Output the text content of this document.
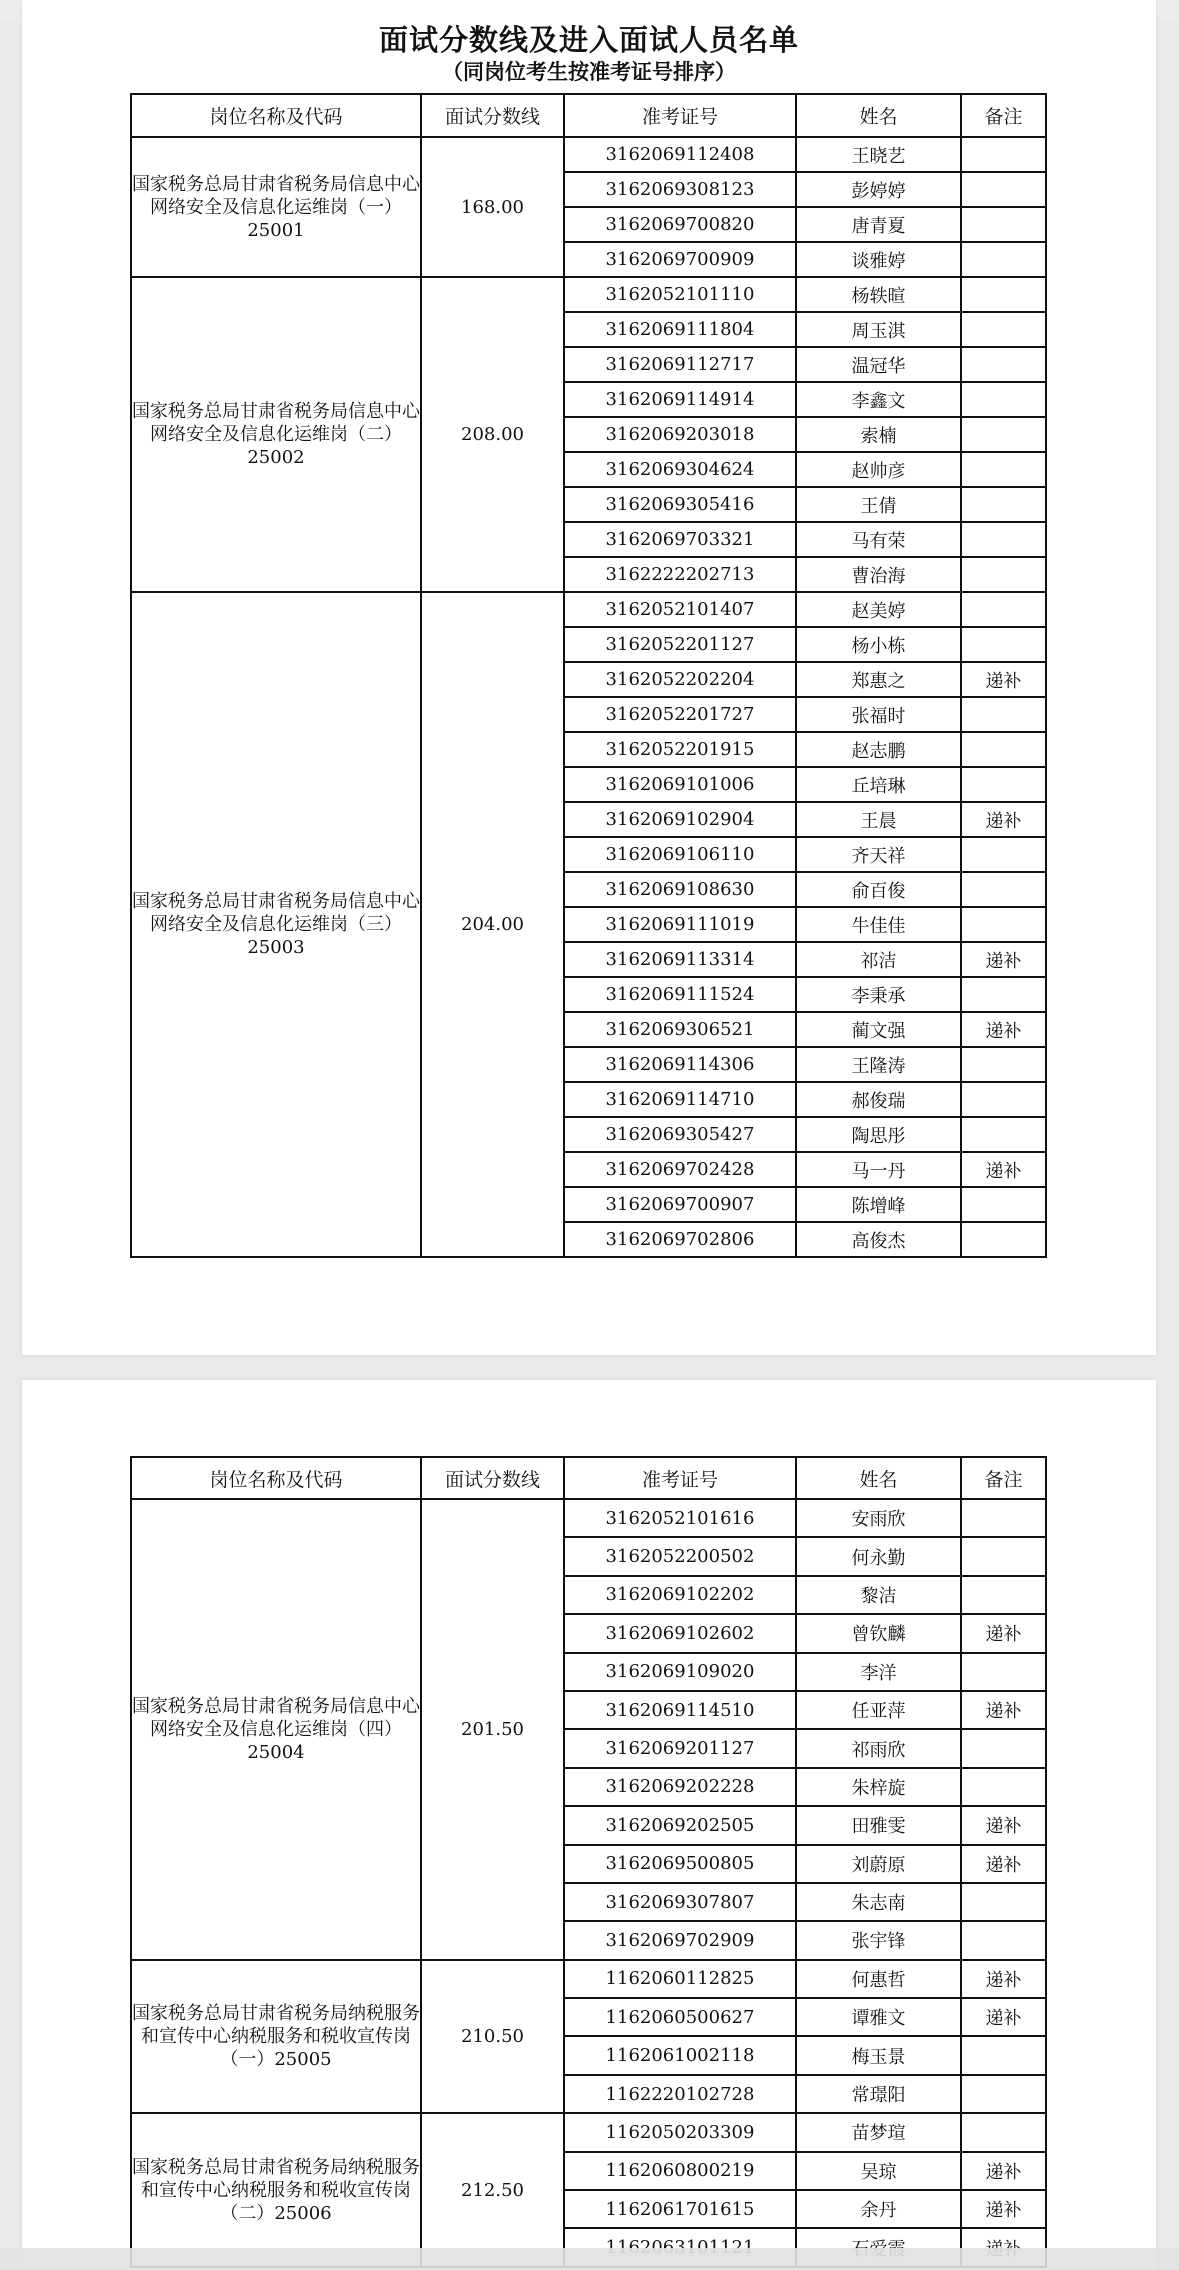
面试分数线及进入面试人员名单
（同岗位考生按准考证号排序）
岗位名称及代码	面试分数线	准考证号	姓名	备注
国家税务总局甘肃省税务局信息中心网络安全及信息化运维岗（一）25001	168.00	3162069112408	王晓艺	
		3162069308123	彭婷婷	
		3162069700820	唐青夏	
		3162069700909	谈雅婷	
国家税务总局甘肃省税务局信息中心网络安全及信息化运维岗（二）25002	208.00	3162052101110	杨轶暄	
		3162069111804	周玉淇	
		3162069112717	温冠华	
		3162069114914	李鑫文	
		3162069203018	索楠	
		3162069304624	赵帅彦	
		3162069305416	王倩	
		3162069703321	马有荣	
		3162222202713	曹治海	
国家税务总局甘肃省税务局信息中心网络安全及信息化运维岗（三）25003	204.00	3162052101407	赵美婷	
		3162052201127	杨小栋	
		3162052202204	郑惠之	递补
		3162052201727	张福时	
		3162052201915	赵志鹏	
		3162069101006	丘培琳	
		3162069102904	王晨	递补
		3162069106110	齐天祥	
		3162069108630	俞百俊	
		3162069111019	牛佳佳	
		3162069113314	祁洁	递补
		3162069111524	李秉承	
		3162069306521	蔺文强	递补
		3162069114306	王隆涛	
		3162069114710	郝俊瑞	
		3162069305427	陶思彤	
		3162069702428	马一丹	递补
		3162069700907	陈增峰	
		3162069702806	高俊杰	
岗位名称及代码	面试分数线	准考证号	姓名	备注
国家税务总局甘肃省税务局信息中心网络安全及信息化运维岗（四）25004	201.50	3162052101616	安雨欣	
		3162052200502	何永勤	
		3162069102202	黎洁	
		3162069102602	曾钦麟	递补
		3162069109020	李洋	
		3162069114510	任亚萍	递补
		3162069201127	祁雨欣	
		3162069202228	朱梓旋	
		3162069202505	田雅雯	递补
		3162069500805	刘蔚原	递补
		3162069307807	朱志南	
		3162069702909	张宇锋	
国家税务总局甘肃省税务局纳税服务和宣传中心纳税服务和税收宣传岗（一）25005	210.50	1162060112825	何惠哲	递补
		1162060500627	谭雅文	递补
		1162061002118	梅玉景	
		1162220102728	常璟阳	
国家税务总局甘肃省税务局纳税服务和宣传中心纳税服务和税收宣传岗（二）25006	212.50	1162050203309	苗梦瑄	
		1162060800219	吴琼	递补
		1162061701615	余丹	递补
